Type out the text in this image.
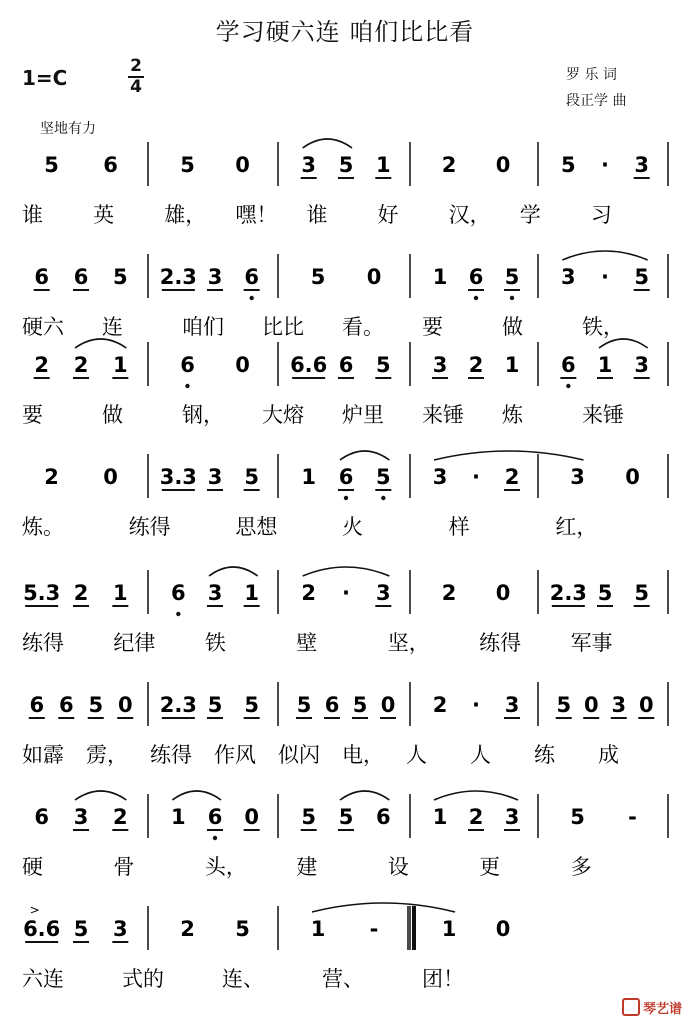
学习硬六连 咱们比比看
1=C	2
4
罗 乐 词
段正学 曲
坚地有力
5 6	5 0 3 5 1 2 0 5 · 3
谁 英 雄， 嘿！ 谁 好 汉， 学 习
6 6 5 2.3 3 6 5 0 1 6 5 3 · 5
硬六 连	咱们 比比 看。 要	做	铁，
2 2 1	6 0 6.6 6 5 3 2 1 6 1 3
要	做	钢， 大熔 炉里 来锤 炼	来锤
2 0 3.3 3 5 1 6 5 3 · 2 3 0
炼。	练得	思想	火	样	红，
5.3 2 1 6 3 1 2 · 3 2 0 2.3 5 5
练得 纪律 铁	壁	坚， 练得 军事
6 6 5 0 2.3 5 5 5 6 5 0 2 · 3 5 0 3 0
如霹 雳， 练得 作风 似闪 电， 人 人 练 成
6 3 2 1 6 0 5 5 6 1 2 3 5 -
硬	骨	头， 建	设	更	多
6.6
>
5 3	2 5	1 -	1 0
六连	式的	连、	营、	团！
琴艺谱
